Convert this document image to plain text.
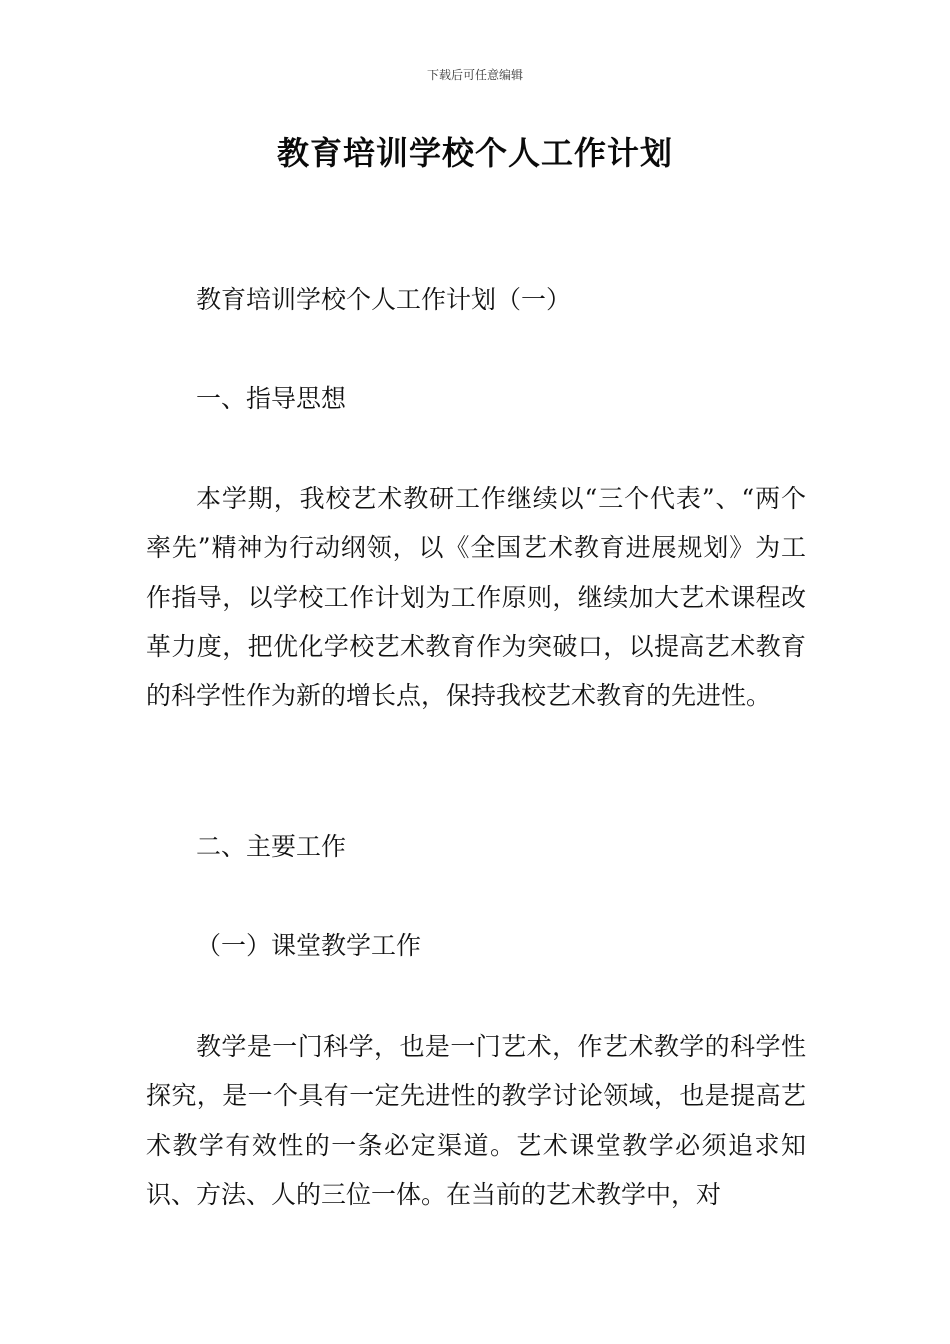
下载后可任意编辑
教育培训学校个人工作计划
教育培训学校个人工作计划（一）
一、指导思想
本学期，我校艺术教研工作继续以“三个代表”、“两个率先”精神为行动纲领，以《全国艺术教育进展规划》为工作指导，以学校工作计划为工作原则，继续加大艺术课程改革力度，把优化学校艺术教育作为突破口，以提高艺术教育的科学性作为新的增长点，保持我校艺术教育的先进性。
二、主要工作
（一）课堂教学工作
教学是一门科学，也是一门艺术，作艺术教学的科学性探究，是一个具有一定先进性的教学讨论领域，也是提高艺术教学有效性的一条必定渠道。艺术课堂教学必须追求知识、方法、人的三位一体。在当前的艺术教学中，对
